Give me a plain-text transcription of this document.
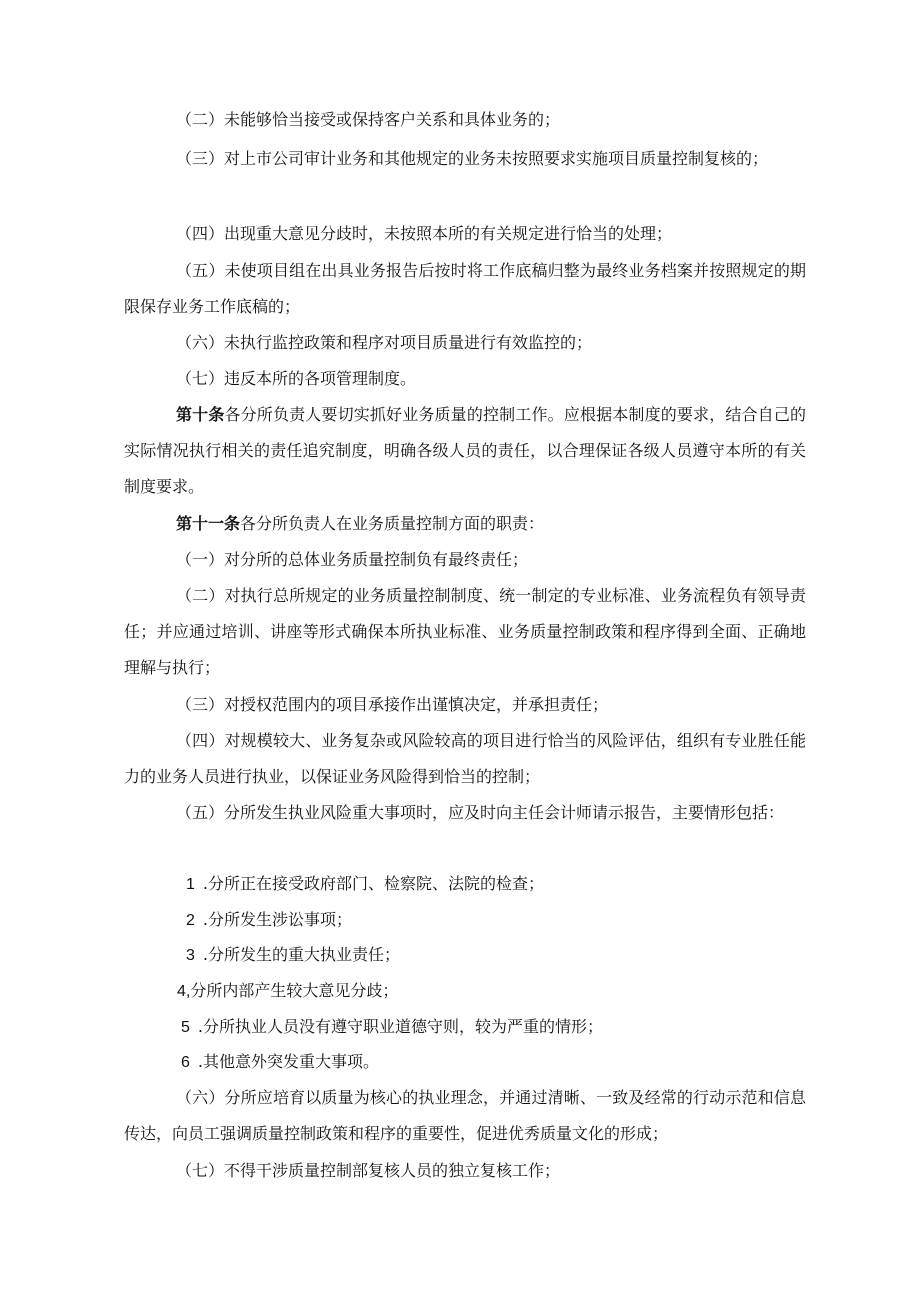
（二）未能够恰当接受或保持客户关系和具体业务的；

（三）对上市公司审计业务和其他规定的业务未按照要求实施项目质量控制复核的；

（四）出现重大意见分歧时，未按照本所的有关规定进行恰当的处理；

（五）未使项目组在出具业务报告后按时将工作底稿归整为最终业务档案并按照规定的期限保存业务工作底稿的；

（六）未执行监控政策和程序对项目质量进行有效监控的；

（七）违反本所的各项管理制度。

第十条各分所负责人要切实抓好业务质量的控制工作。应根据本制度的要求，结合自己的实际情况执行相关的责任追究制度，明确各级人员的责任，以合理保证各级人员遵守本所的有关制度要求。

第十一条各分所负责人在业务质量控制方面的职责：

（一）对分所的总体业务质量控制负有最终责任；

（二）对执行总所规定的业务质量控制制度、统一制定的专业标准、业务流程负有领导责任；并应通过培训、讲座等形式确保本所执业标准、业务质量控制政策和程序得到全面、正确地理解与执行；

（三）对授权范围内的项目承接作出谨慎决定，并承担责任；

（四）对规模较大、业务复杂或风险较高的项目进行恰当的风险评估，组织有专业胜任能力的业务人员进行执业，以保证业务风险得到恰当的控制；

（五）分所发生执业风险重大事项时，应及时向主任会计师请示报告，主要情形包括：

1 .分所正在接受政府部门、检察院、法院的检查；

2 .分所发生涉讼事项；

3 .分所发生的重大执业责任；

4,分所内部产生较大意见分歧；

5 .分所执业人员没有遵守职业道德守则，较为严重的情形；

6 .其他意外突发重大事项。

（六）分所应培育以质量为核心的执业理念，并通过清晰、一致及经常的行动示范和信息传达，向员工强调质量控制政策和程序的重要性，促进优秀质量文化的形成；

（七）不得干涉质量控制部复核人员的独立复核工作；
